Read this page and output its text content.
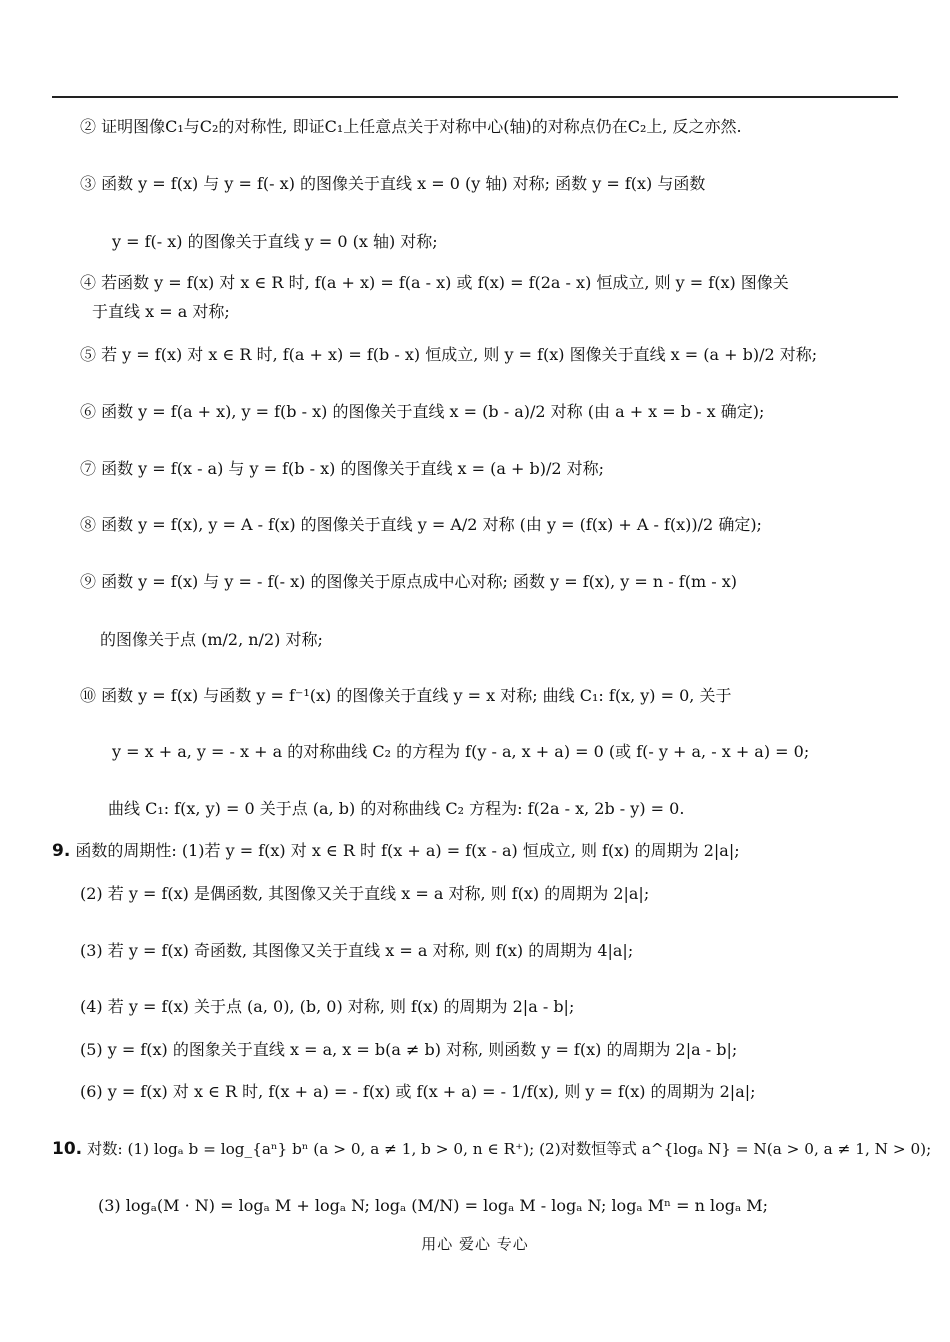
② 证明图像C₁与C₂的对称性, 即证C₁上任意点关于对称中心(轴)的对称点仍在C₂上, 反之亦然.
③ 函数 y = f(x) 与 y = f(- x) 的图像关于直线 x = 0 (y 轴) 对称; 函数 y = f(x) 与函数
y = f(- x) 的图像关于直线 y = 0 (x 轴) 对称;
④ 若函数 y = f(x) 对 x ∈ R 时, f(a + x) = f(a - x) 或 f(x) = f(2a - x) 恒成立, 则 y = f(x) 图像关
于直线 x = a 对称;
⑤ 若 y = f(x) 对 x ∈ R 时, f(a + x) = f(b - x) 恒成立, 则 y = f(x) 图像关于直线 x = (a + b)/2 对称;
⑥ 函数 y = f(a + x), y = f(b - x) 的图像关于直线 x = (b - a)/2 对称 (由 a + x = b - x 确定);
⑦ 函数 y = f(x - a) 与 y = f(b - x) 的图像关于直线 x = (a + b)/2 对称;
⑧ 函数 y = f(x), y = A - f(x) 的图像关于直线 y = A/2 对称 (由 y = (f(x) + A - f(x))/2 确定);
⑨ 函数 y = f(x) 与 y = - f(- x) 的图像关于原点成中心对称; 函数 y = f(x), y = n - f(m - x)
的图像关于点 (m/2, n/2) 对称;
⑩ 函数 y = f(x) 与函数 y = f⁻¹(x) 的图像关于直线 y = x 对称; 曲线 C₁: f(x, y) = 0, 关于
y = x + a, y = - x + a 的对称曲线 C₂ 的方程为 f(y - a, x + a) = 0 (或 f(- y + a, - x + a) = 0;
曲线 C₁: f(x, y) = 0 关于点 (a, b) 的对称曲线 C₂ 方程为: f(2a - x, 2b - y) = 0.
9. 函数的周期性: (1)若 y = f(x) 对 x ∈ R 时 f(x + a) = f(x - a) 恒成立, 则 f(x) 的周期为 2|a|;
(2) 若 y = f(x) 是偶函数, 其图像又关于直线 x = a 对称, 则 f(x) 的周期为 2|a|;
(3) 若 y = f(x) 奇函数, 其图像又关于直线 x = a 对称, 则 f(x) 的周期为 4|a|;
(4) 若 y = f(x) 关于点 (a, 0), (b, 0) 对称, 则 f(x) 的周期为 2|a - b|;
(5) y = f(x) 的图象关于直线 x = a, x = b(a ≠ b) 对称, 则函数 y = f(x) 的周期为 2|a - b|;
(6) y = f(x) 对 x ∈ R 时, f(x + a) = - f(x) 或 f(x + a) = - 1/f(x), 则 y = f(x) 的周期为 2|a|;
10. 对数: (1) logₐ b = log_{aⁿ} bⁿ (a > 0, a ≠ 1, b > 0, n ∈ R⁺); (2)对数恒等式 a^{logₐ N} = N(a > 0, a ≠ 1, N > 0);
(3) logₐ(M · N) = logₐ M + logₐ N; logₐ (M/N) = logₐ M - logₐ N; logₐ Mⁿ = n logₐ M;
用心 爱心 专心
